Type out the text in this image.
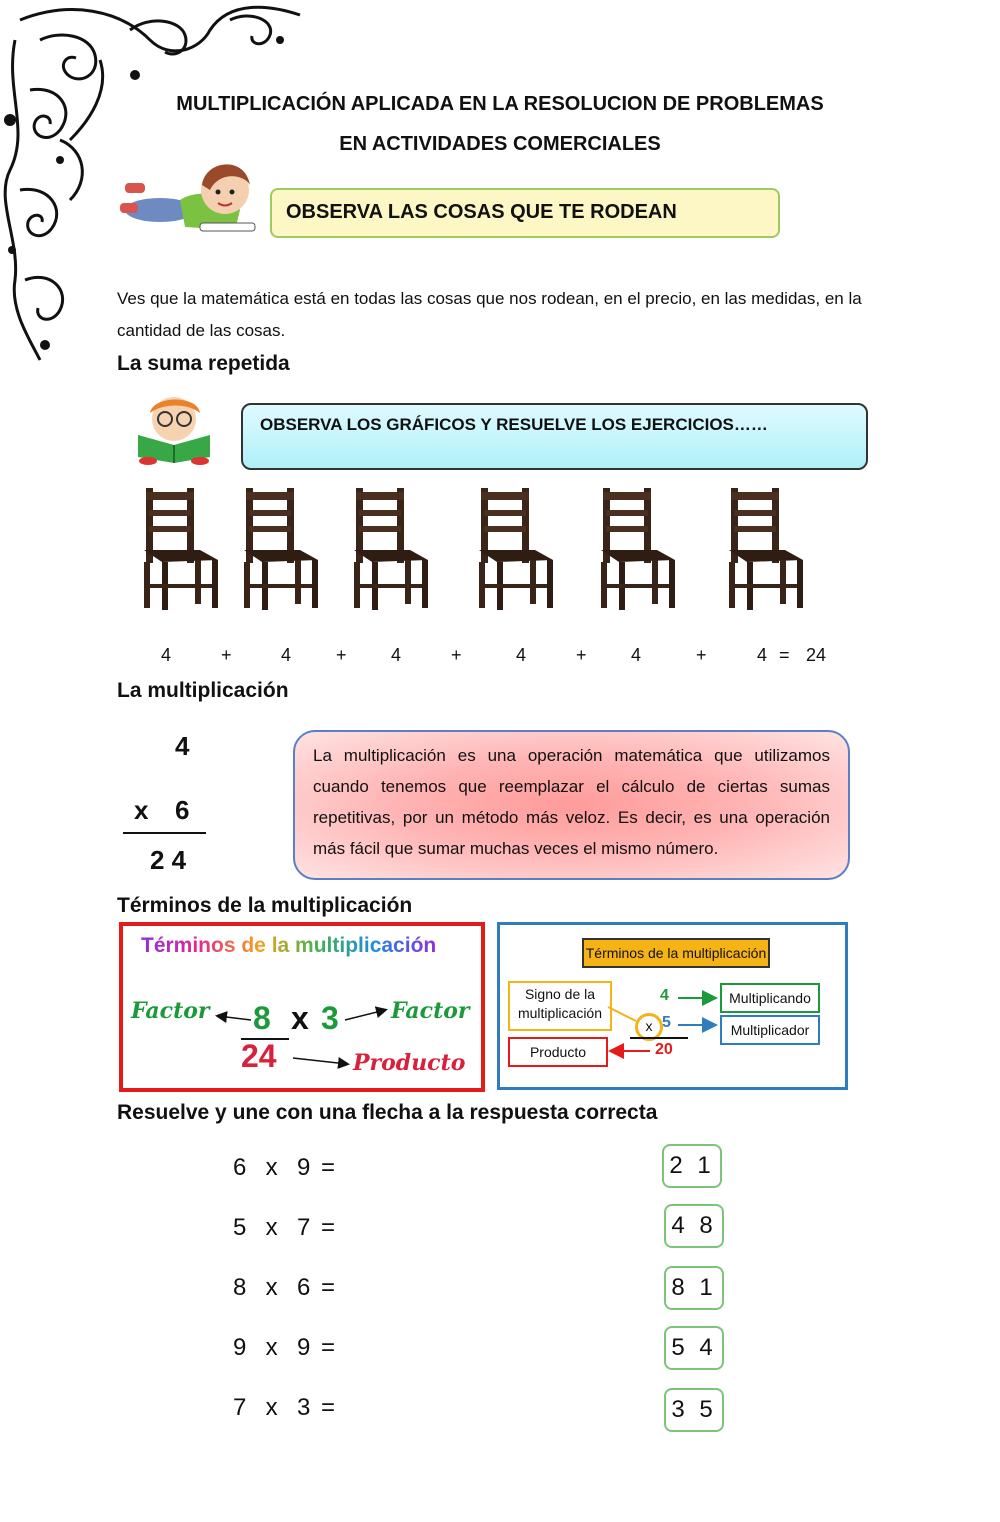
MULTIPLICACIÓN APLICADA EN LA RESOLUCION DE PROBLEMAS
EN ACTIVIDADES COMERCIALES
OBSERVA LAS COSAS QUE TE RODEAN
Ves que la matemática está en todas las cosas que nos rodean, en el precio, en las medidas, en la cantidad de las cosas.
La suma repetida
OBSERVA LOS GRÁFICOS Y RESUELVE LOS EJERCICIOS……
4	+	4 + 4	+	4	+ 4	+	4 = 24
La multiplicación
4
x 6
2 4
La multiplicación es una operación matemática que utilizamos cuando tenemos que reemplazar el cálculo de ciertas sumas repetitivas, por un método más veloz. Es decir, es una operación más fácil que sumar muchas veces el mismo número.
Términos de la multiplicación
Términos de la multiplicación
Factor	Factor
8 x 3
24	Producto
Términos de la multiplicación
Signo de la multiplicación
4
5
x
20
Multiplicando
Multiplicador
Producto
Resuelve y une con una flecha a la respuesta correcta
6  x  9 =
5  x  7 =
8  x  6 =
9  x  9 =
7  x  3 =
2 1
4 8
8 1
5 4
3 5
